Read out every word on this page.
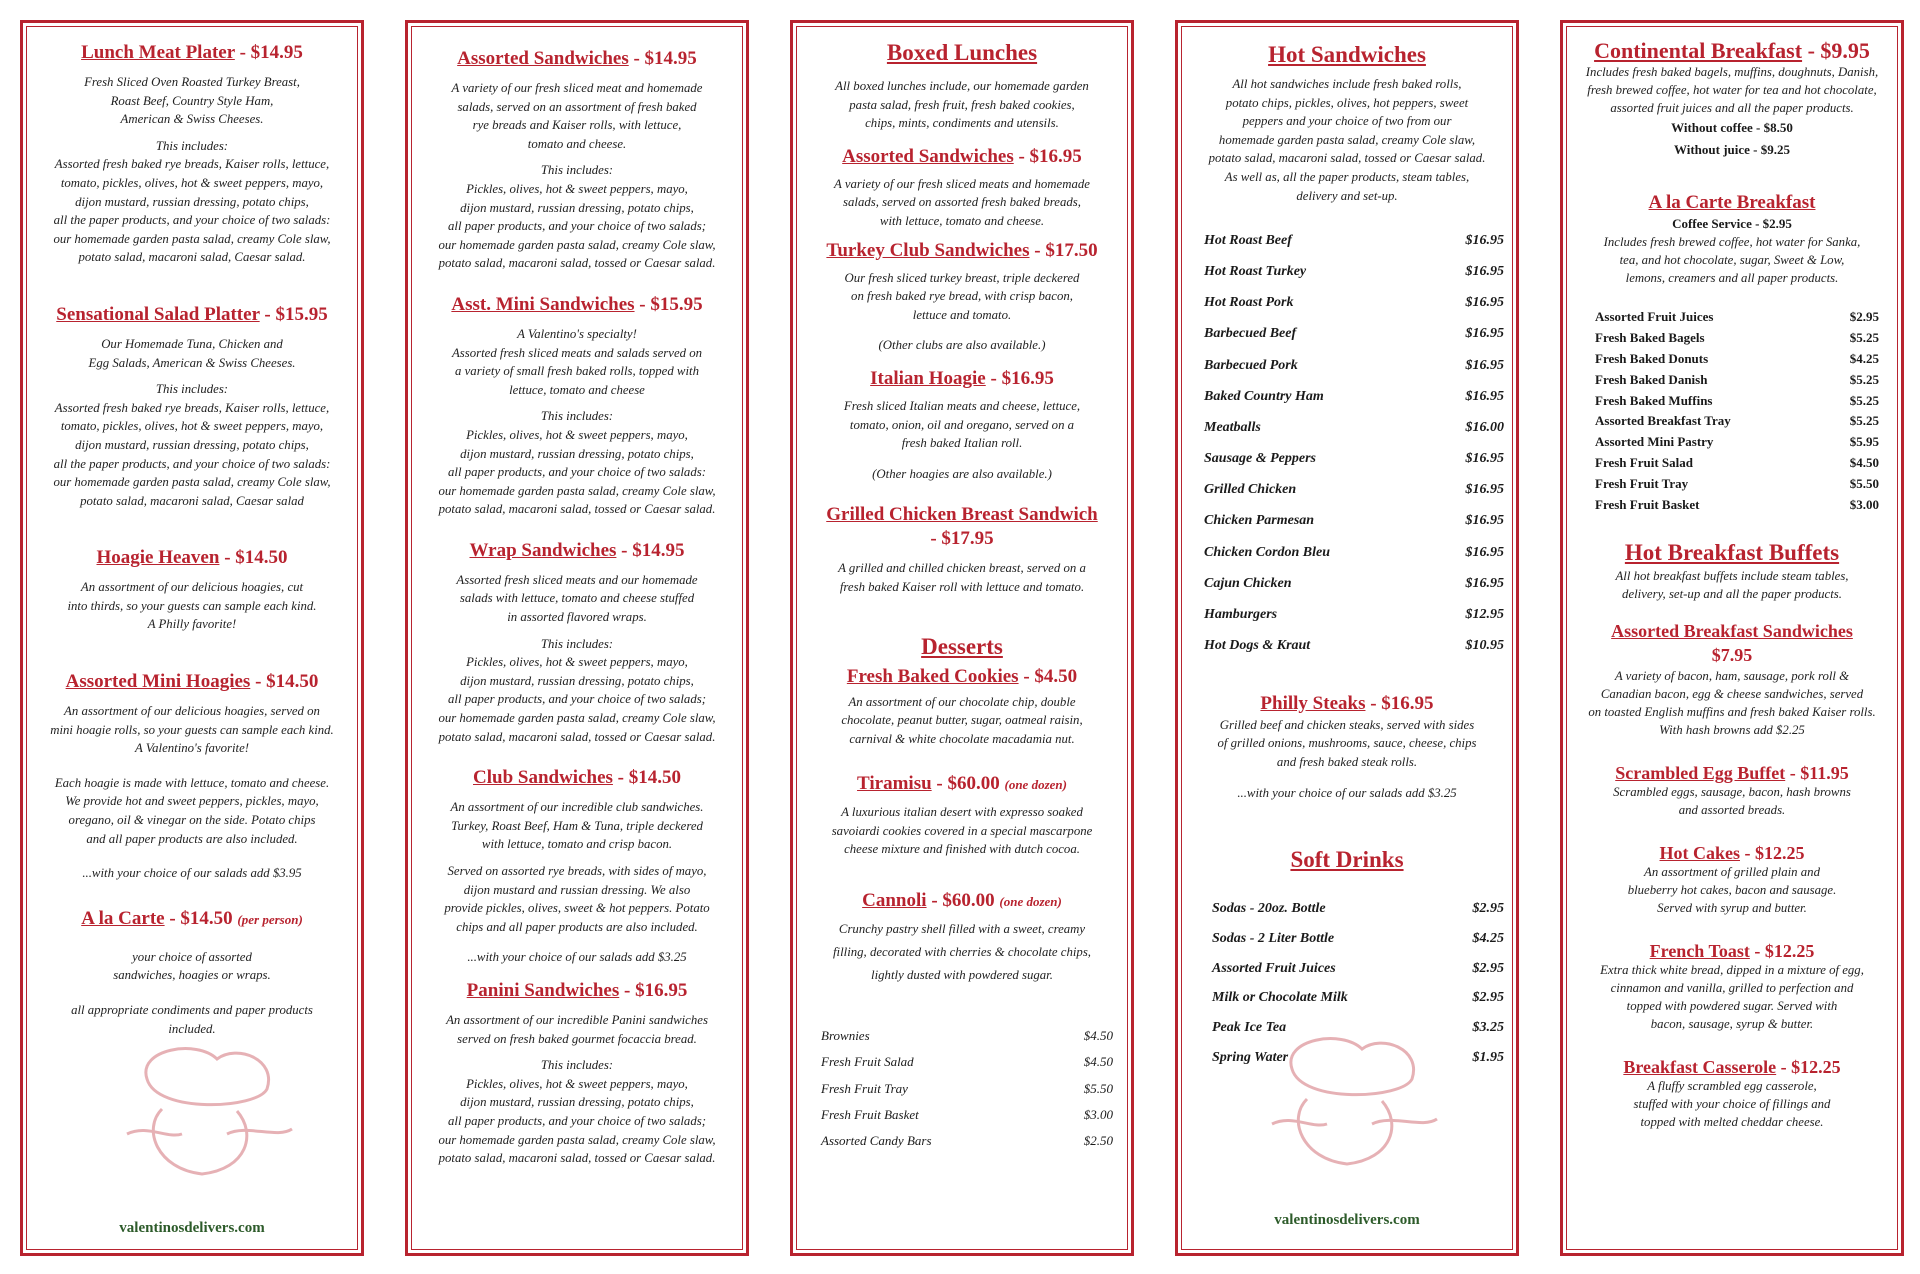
Lunch Meat Plater - $14.95
Fresh Sliced Oven Roasted Turkey Breast,
Roast Beef, Country Style Ham,
American & Swiss Cheeses.
This includes:
Assorted fresh baked rye breads, Kaiser rolls, lettuce,
tomato, pickles, olives, hot & sweet peppers, mayo,
dijon mustard, russian dressing, potato chips,
all the paper products, and your choice of two salads:
our homemade garden pasta salad, creamy Cole slaw,
potato salad, macaroni salad, Caesar salad.
Sensational Salad Platter - $15.95
Our Homemade Tuna, Chicken and
Egg Salads, American & Swiss Cheeses.
This includes:
Assorted fresh baked rye breads, Kaiser rolls, lettuce,
tomato, pickles, olives, hot & sweet peppers, mayo,
dijon mustard, russian dressing, potato chips,
all the paper products, and your choice of two salads:
our homemade garden pasta salad, creamy Cole slaw,
potato salad, macaroni salad, Caesar salad
Hoagie Heaven - $14.50
An assortment of our delicious hoagies, cut
into thirds, so your guests can sample each kind.
A Philly favorite!
Assorted Mini Hoagies - $14.50
An assortment of our delicious hoagies, served on
mini hoagie rolls, so your guests can sample each kind.
A Valentino's favorite!
Each hoagie is made with lettuce, tomato and cheese.
We provide hot and sweet peppers, pickles, mayo,
oregano, oil & vinegar on the side. Potato chips
and all paper products are also included.
...with your choice of our salads add $3.95
A la Carte - $14.50 (per person)
your choice of assorted
sandwiches, hoagies or wraps.
all appropriate condiments and paper products
included.
valentinosdelivers.com
Assorted Sandwiches - $14.95
A variety of our fresh sliced meat and homemade
salads, served on an assortment of fresh baked
rye breads and Kaiser rolls, with lettuce,
tomato and cheese.
This includes:
Pickles, olives, hot & sweet peppers, mayo,
dijon mustard, russian dressing, potato chips,
all paper products, and your choice of two salads;
our homemade garden pasta salad, creamy Cole slaw,
potato salad, macaroni salad, tossed or Caesar salad.
Asst. Mini Sandwiches - $15.95
A Valentino's specialty!
Assorted fresh sliced meats and salads served on
a variety of small fresh baked rolls, topped with
lettuce, tomato and cheese
This includes:
Pickles, olives, hot & sweet peppers, mayo,
dijon mustard, russian dressing, potato chips,
all paper products, and your choice of two salads:
our homemade garden pasta salad, creamy Cole slaw,
potato salad, macaroni salad, tossed or Caesar salad.
Wrap Sandwiches - $14.95
Assorted fresh sliced meats and our homemade
salads with lettuce, tomato and cheese stuffed
in assorted flavored wraps.
This includes:
Pickles, olives, hot & sweet peppers, mayo,
dijon mustard, russian dressing, potato chips,
all paper products, and your choice of two salads;
our homemade garden pasta salad, creamy Cole slaw,
potato salad, macaroni salad, tossed or Caesar salad.
Club Sandwiches - $14.50
An assortment of our incredible club sandwiches.
Turkey, Roast Beef, Ham & Tuna, triple deckered
with lettuce, tomato and crisp bacon.
Served on assorted rye breads, with sides of mayo,
dijon mustard and russian dressing. We also
provide pickles, olives, sweet & hot peppers. Potato
chips and all paper products are also included.
...with your choice of our salads add $3.25
Panini Sandwiches - $16.95
An assortment of our incredible Panini sandwiches
served on fresh baked gourmet focaccia bread.
This includes:
Pickles, olives, hot & sweet peppers, mayo,
dijon mustard, russian dressing, potato chips,
all paper products, and your choice of two salads;
our homemade garden pasta salad, creamy Cole slaw,
potato salad, macaroni salad, tossed or Caesar salad.
Boxed Lunches
All boxed lunches include, our homemade garden
pasta salad, fresh fruit, fresh baked cookies,
chips, mints, condiments and utensils.
Assorted Sandwiches - $16.95
A variety of our fresh sliced meats and homemade
salads, served on assorted fresh baked breads,
with lettuce, tomato and cheese.
Turkey Club Sandwiches - $17.50
Our fresh sliced turkey breast, triple deckered
on fresh baked rye bread, with crisp bacon,
lettuce and tomato.
(Other clubs are also available.)
Italian Hoagie - $16.95
Fresh sliced Italian meats and cheese, lettuce,
tomato, onion, oil and oregano, served on a
fresh baked Italian roll.
(Other hoagies are also available.)
Grilled Chicken Breast Sandwich
- $17.95
A grilled and chilled chicken breast, served on a
fresh baked Kaiser roll with lettuce and tomato.
Desserts
Fresh Baked Cookies - $4.50
An assortment of our chocolate chip, double
chocolate, peanut butter, sugar, oatmeal raisin,
carnival & white chocolate macadamia nut.
Tiramisu - $60.00 (one dozen)
A luxurious italian desert with expresso soaked
savoiardi cookies covered in a special mascarpone
cheese mixture and finished with dutch cocoa.
Cannoli - $60.00 (one dozen)
Crunchy pastry shell filled with a sweet, creamy
filling, decorated with cherries & chocolate chips,
lightly dusted with powdered sugar.
Brownies	$4.50
Fresh Fruit Salad	$4.50
Fresh Fruit Tray	$5.50
Fresh Fruit Basket	$3.00
Assorted Candy Bars	$2.50
Hot Sandwiches
All hot sandwiches include fresh baked rolls,
potato chips, pickles, olives, hot peppers, sweet
peppers and your choice of two from our
homemade garden pasta salad, creamy Cole slaw,
potato salad, macaroni salad, tossed or Caesar salad.
As well as, all the paper products, steam tables,
delivery and set-up.
Hot Roast Beef	$16.95
Hot Roast Turkey	$16.95
Hot Roast Pork	$16.95
Barbecued Beef	$16.95
Barbecued Pork	$16.95
Baked Country Ham	$16.95
Meatballs	$16.00
Sausage & Peppers	$16.95
Grilled Chicken	$16.95
Chicken Parmesan	$16.95
Chicken Cordon Bleu	$16.95
Cajun Chicken	$16.95
Hamburgers	$12.95
Hot Dogs & Kraut	$10.95
Philly Steaks - $16.95
Grilled beef and chicken steaks, served with sides
of grilled onions, mushrooms, sauce, cheese, chips
and fresh baked steak rolls.
...with your choice of our salads add $3.25
Soft Drinks
Sodas - 20oz. Bottle	$2.95
Sodas - 2 Liter Bottle	$4.25
Assorted Fruit Juices	$2.95
Milk or Chocolate Milk	$2.95
Peak Ice Tea	$3.25
Spring Water	$1.95
valentinosdelivers.com
Continental Breakfast - $9.95
Includes fresh baked bagels, muffins, doughnuts, Danish,
fresh brewed coffee, hot water for tea and hot chocolate,
assorted fruit juices and all the paper products.
Without coffee - $8.50
Without juice - $9.25
A la Carte Breakfast
Coffee Service - $2.95
Includes fresh brewed coffee, hot water for Sanka,
tea, and hot chocolate, sugar, Sweet & Low,
lemons, creamers and all paper products.
Assorted Fruit Juices	$2.95
Fresh Baked Bagels	$5.25
Fresh Baked Donuts	$4.25
Fresh Baked Danish	$5.25
Fresh Baked Muffins	$5.25
Assorted Breakfast Tray	$5.25
Assorted Mini Pastry	$5.95
Fresh Fruit Salad	$4.50
Fresh Fruit Tray	$5.50
Fresh Fruit Basket	$3.00
Hot Breakfast Buffets
All hot breakfast buffets include steam tables,
delivery, set-up and all the paper products.
Assorted Breakfast Sandwiches
$7.95
A variety of bacon, ham, sausage, pork roll &
Canadian bacon, egg & cheese sandwiches, served
on toasted English muffins and fresh baked Kaiser rolls.
With hash browns add $2.25
Scrambled Egg Buffet - $11.95
Scrambled eggs, sausage, bacon, hash browns
and assorted breads.
Hot Cakes - $12.25
An assortment of grilled plain and
blueberry hot cakes, bacon and sausage.
Served with syrup and butter.
French Toast - $12.25
Extra thick white bread, dipped in a mixture of egg,
cinnamon and vanilla, grilled to perfection and
topped with powdered sugar. Served with
bacon, sausage, syrup & butter.
Breakfast Casserole - $12.25
A fluffy scrambled egg casserole,
stuffed with your choice of fillings and
topped with melted cheddar cheese.
